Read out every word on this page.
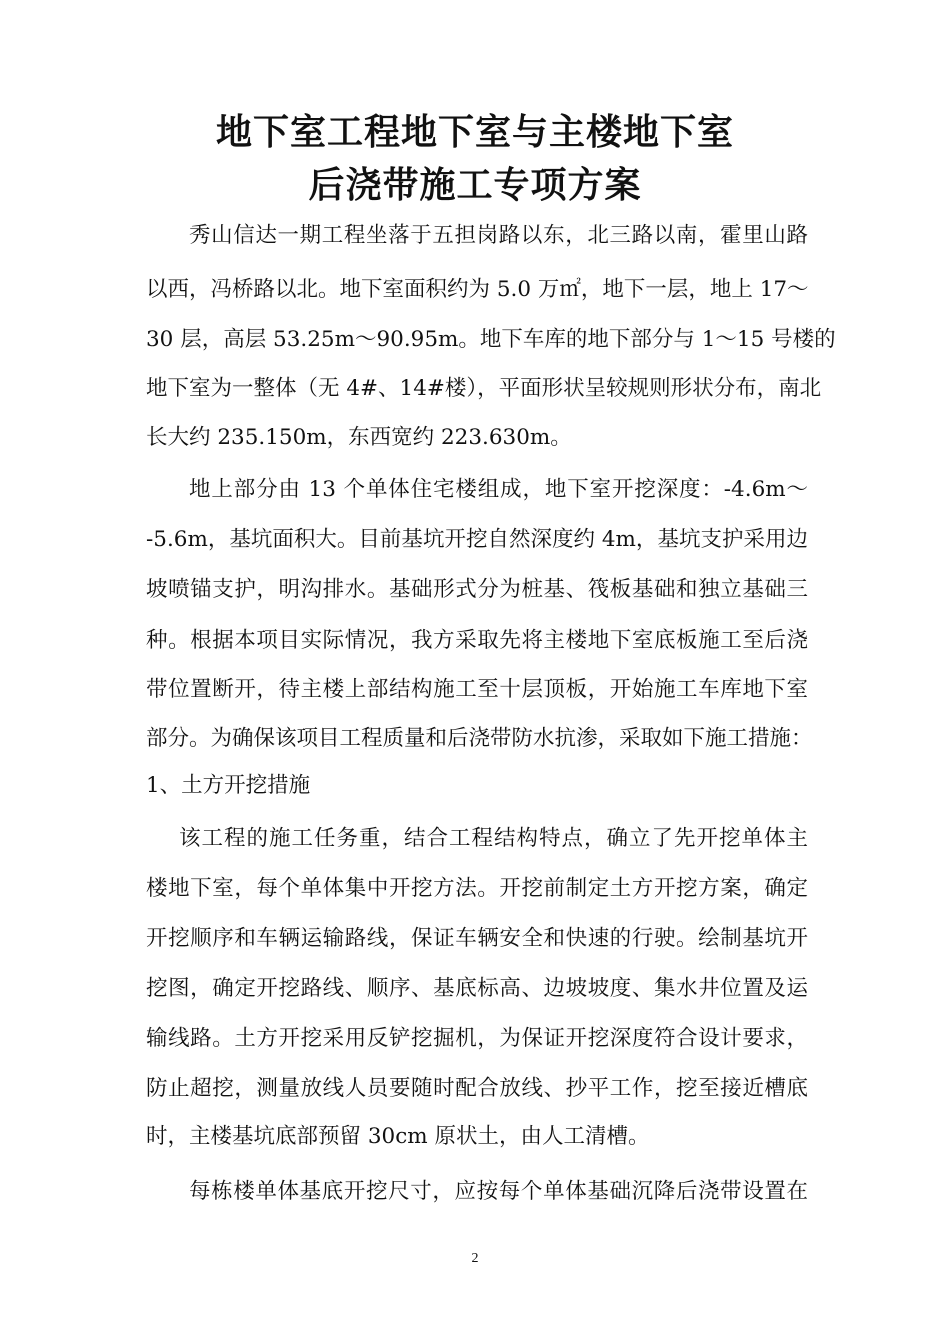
地下室工程地下室与主楼地下室
后浇带施工专项方案
秀山信达一期工程坐落于五担岗路以东，北三路以南，霍里山路
以西，冯桥路以北。地下室面积约为 5.0 万㎡，地下一层，地上 17～
30 层，高层 53.25m～90.95m。地下车库的地下部分与 1～15 号楼的
地下室为一整体（无 4#、14#楼），平面形状呈较规则形状分布，南北
长大约 235.150m，东西宽约 223.630m。
地上部分由 13 个单体住宅楼组成，地下室开挖深度：-4.6m～
-5.6m，基坑面积大。目前基坑开挖自然深度约 4m，基坑支护采用边
坡喷锚支护，明沟排水。基础形式分为桩基、筏板基础和独立基础三
种。根据本项目实际情况，我方采取先将主楼地下室底板施工至后浇
带位置断开，待主楼上部结构施工至十层顶板，开始施工车库地下室
部分。为确保该项目工程质量和后浇带防水抗渗，采取如下施工措施：
1、土方开挖措施
该工程的施工任务重，结合工程结构特点，确立了先开挖单体主
楼地下室，每个单体集中开挖方法。开挖前制定土方开挖方案，确定
开挖顺序和车辆运输路线，保证车辆安全和快速的行驶。绘制基坑开
挖图，确定开挖路线、顺序、基底标高、边坡坡度、集水井位置及运
输线路。土方开挖采用反铲挖掘机，为保证开挖深度符合设计要求，
防止超挖，测量放线人员要随时配合放线、抄平工作，挖至接近槽底
时，主楼基坑底部预留 30cm 原状土，由人工清槽。
每栋楼单体基底开挖尺寸，应按每个单体基础沉降后浇带设置在
2
